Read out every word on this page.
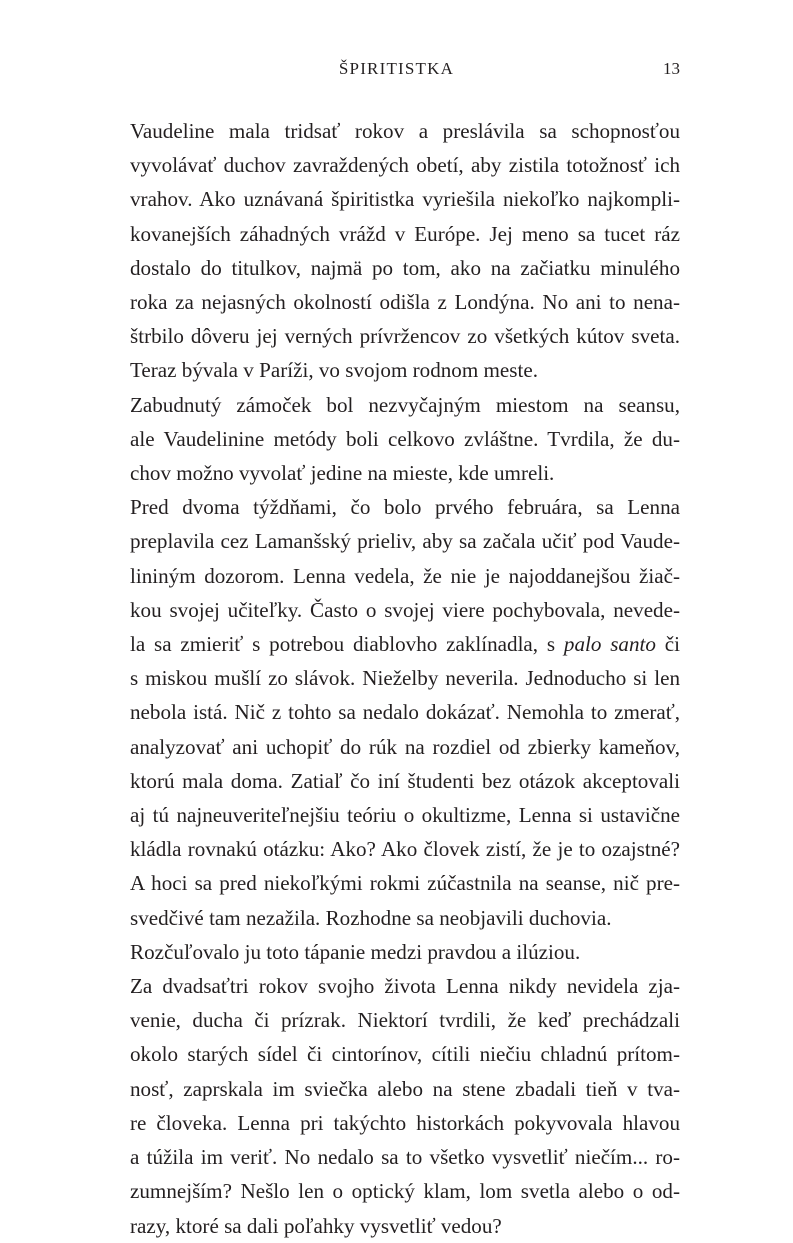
ŠPIRITISTKA	13

Vaudeline mala tridsať rokov a preslávila sa schopnosťou
vyvolávať duchov zavraždených obetí, aby zistila totožnosť ich
vrahov. Ako uznávaná špiritistka vyriešila niekoľko najkompli-
kovanejších záhadných vrážd v Európe. Jej meno sa tucet ráz
dostalo do titulkov, najmä po tom, ako na začiatku minulého
roka za nejasných okolností odišla z Londýna. No ani to nena-
štrbilo dôveru jej verných prívržencov zo všetkých kútov sveta.
Teraz bývala v Paríži, vo svojom rodnom meste.

Zabudnutý zámoček bol nezvyčajným miestom na seansu,
ale Vaudelinine metódy boli celkovo zvláštne. Tvrdila, že du-
chov možno vyvolať jedine na mieste, kde umreli.

Pred dvoma týždňami, čo bolo prvého februára, sa Lenna
preplavila cez Lamanšský prieliv, aby sa začala učiť pod Vaude-
lininým dozorom. Lenna vedela, že nie je najoddanejšou žiač-
kou svojej učiteľky. Často o svojej viere pochybovala, nevede-
la sa zmieriť s potrebou diablovho zaklínadla, s palo santo či
s miskou mušlí zo slávok. Nieželby neverila. Jednoducho si len
nebola istá. Nič z tohto sa nedalo dokázať. Nemohla to zmerať,
analyzovať ani uchopiť do rúk na rozdiel od zbierky kameňov,
ktorú mala doma. Zatiaľ čo iní študenti bez otázok akceptovali
aj tú najneuveriteľnejšiu teóriu o okultizme, Lenna si ustavične
kládla rovnakú otázku: Ako? Ako človek zistí, že je to ozajstné?
A hoci sa pred niekoľkými rokmi zúčastnila na seanse, nič pre-
svedčivé tam nezažila. Rozhodne sa neobjavili duchovia.

Rozčuľovalo ju toto tápanie medzi pravdou a ilúziou.

Za dvadsaťtri rokov svojho života Lenna nikdy nevidela zja-
venie, ducha či prízrak. Niektorí tvrdili, že keď prechádzali
okolo starých sídel či cintorínov, cítili niečiu chladnú prítom-
nosť, zaprskala im sviečka alebo na stene zbadali tieň v tva-
re človeka. Lenna pri takýchto historkách pokyvovala hlavou
a túžila im veriť. No nedalo sa to všetko vysvetliť niečím... ro-
zumnejším? Nešlo len o optický klam, lom svetla alebo o od-
razy, ktoré sa dali poľahky vysvetliť vedou?
